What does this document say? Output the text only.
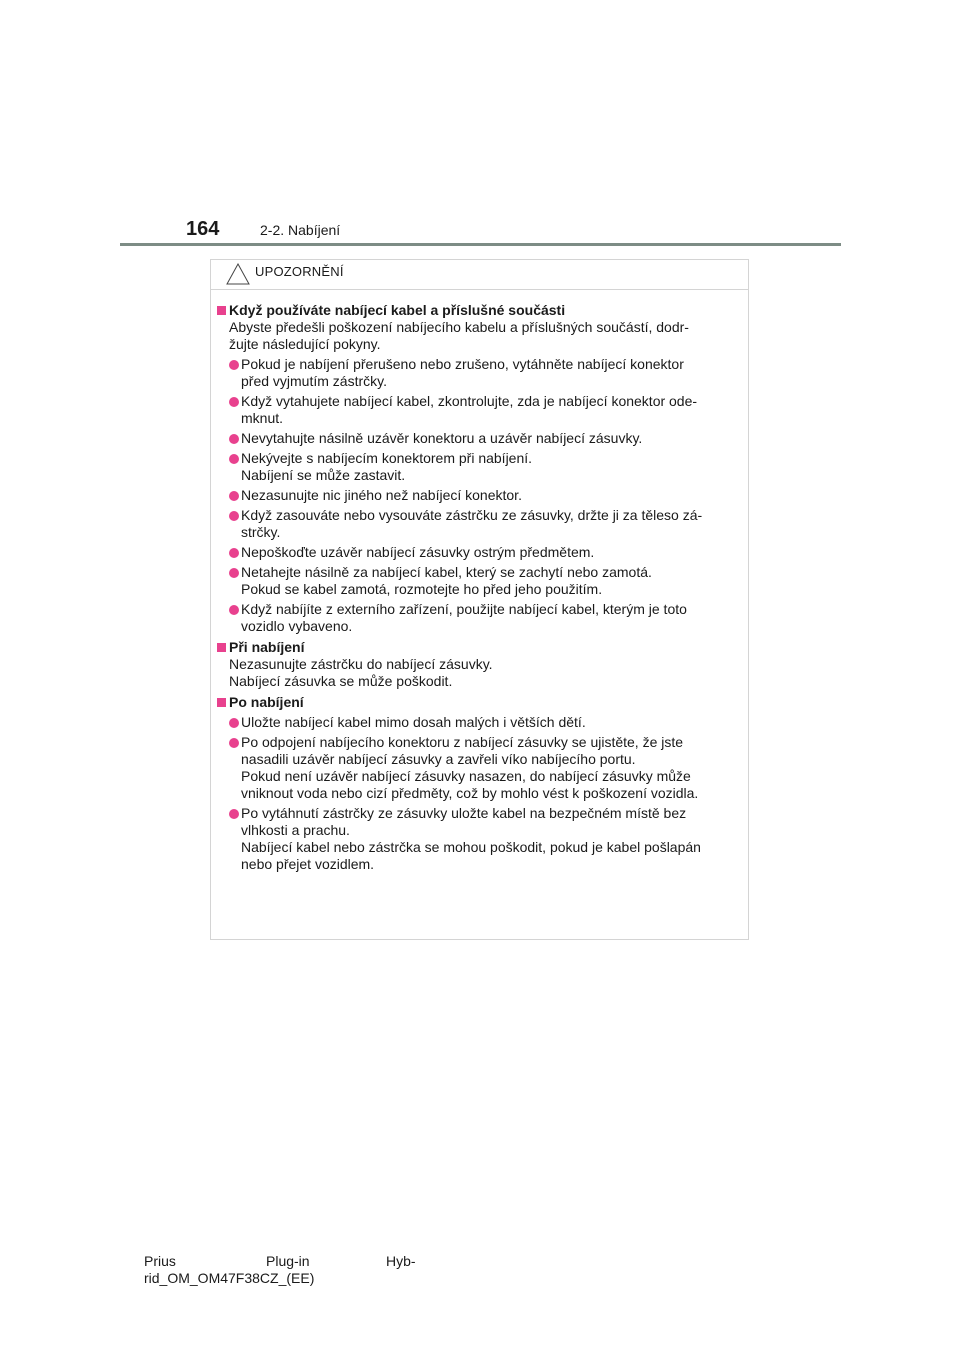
164	2-2. Nabíjení
UPOZORNĚNÍ
Když používáte nabíjecí kabel a příslušné součásti
Abyste předešli poškození nabíjecího kabelu a příslušných součástí, dodr-
žujte následující pokyny.
Pokud je nabíjení přerušeno nebo zrušeno, vytáhněte nabíjecí konektor
před vyjmutím zástrčky.
Když vytahujete nabíjecí kabel, zkontrolujte, zda je nabíjecí konektor ode-
mknut.
Nevytahujte násilně uzávěr konektoru a uzávěr nabíjecí zásuvky.
Nekývejte s nabíjecím konektorem při nabíjení.
Nabíjení se může zastavit.
Nezasunujte nic jiného než nabíjecí konektor.
Když zasouváte nebo vysouváte zástrčku ze zásuvky, držte ji za těleso zá-
strčky.
Nepoškoďte uzávěr nabíjecí zásuvky ostrým předmětem.
Netahejte násilně za nabíjecí kabel, který se zachytí nebo zamotá.
Pokud se kabel zamotá, rozmotejte ho před jeho použitím.
Když nabíjíte z externího zařízení, použijte nabíjecí kabel, kterým je toto
vozidlo vybaveno.
Při nabíjení
Nezasunujte zástrčku do nabíjecí zásuvky.
Nabíjecí zásuvka se může poškodit.
Po nabíjení
Uložte nabíjecí kabel mimo dosah malých i větších dětí.
Po odpojení nabíjecího konektoru z nabíjecí zásuvky se ujistěte, že jste
nasadili uzávěr nabíjecí zásuvky a zavřeli víko nabíjecího portu.
Pokud není uzávěr nabíjecí zásuvky nasazen, do nabíjecí zásuvky může
vniknout voda nebo cizí předměty, což by mohlo vést k poškození vozidla.
Po vytáhnutí zástrčky ze zásuvky uložte kabel na bezpečném místě bez
vlhkosti a prachu.
Nabíjecí kabel nebo zástrčka se mohou poškodit, pokud je kabel pošlapán
nebo přejet vozidlem.
Prius	Plug-in	Hyb-
rid_OM_OM47F38CZ_(EE)
